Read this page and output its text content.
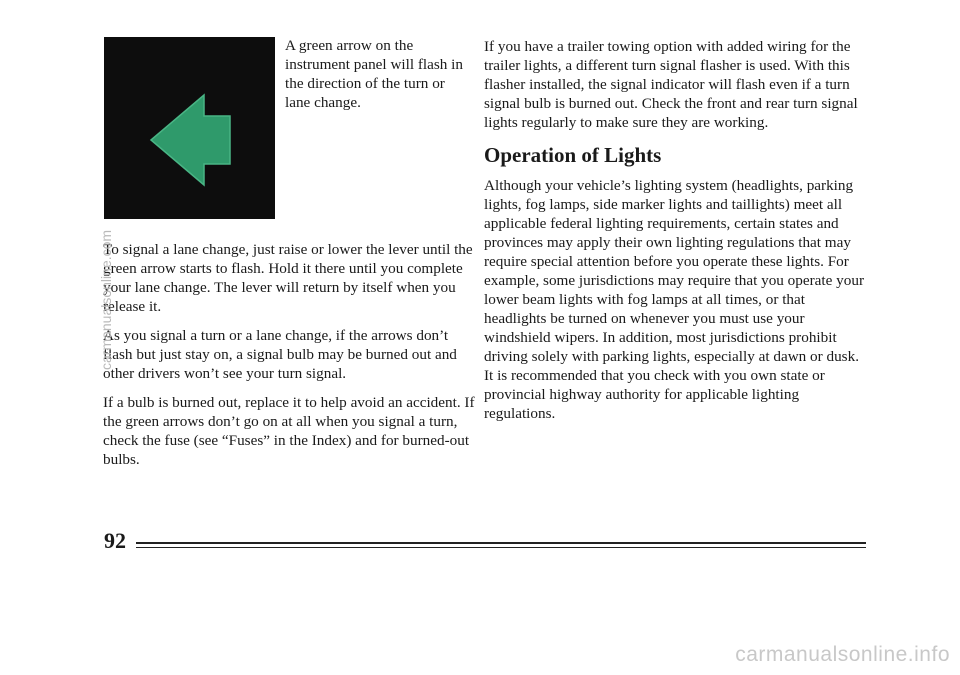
A green arrow on the instrument panel will flash in the direction of the turn or lane change.

To signal a lane change, just raise or lower the lever until the green arrow starts to flash. Hold it there until you complete your lane change. The lever will return by itself when you release it.

As you signal a turn or a lane change, if the arrows don’t flash but just stay on, a signal bulb may be burned out and other drivers won’t see your turn signal.

If a bulb is burned out, replace it to help avoid an accident. If the green arrows don’t go on at all when you signal a turn, check the fuse (see “Fuses” in the Index) and for burned-out bulbs.

If you have a trailer towing option with added wiring for the trailer lights, a different turn signal flasher is used. With this flasher installed, the signal indicator will flash even if a turn signal bulb is burned out. Check the front and rear turn signal lights regularly to make sure they are working.

Operation of Lights

Although your vehicle’s lighting system (headlights, parking lights, fog lamps, side marker lights and taillights) meet all applicable federal lighting requirements, certain states and provinces may apply their own lighting regulations that may require special attention before you operate these lights. For example, some jurisdictions may require that you operate your lower beam lights with fog lamps at all times, or that headlights be turned on whenever you must use your windshield wipers. In addition, most jurisdictions prohibit driving solely with parking lights, especially at dawn or dusk. It is recommended that you check with you own state or provincial highway authority for applicable lighting regulations.

92
carmanualsonline.com
carmanualsonline.info
